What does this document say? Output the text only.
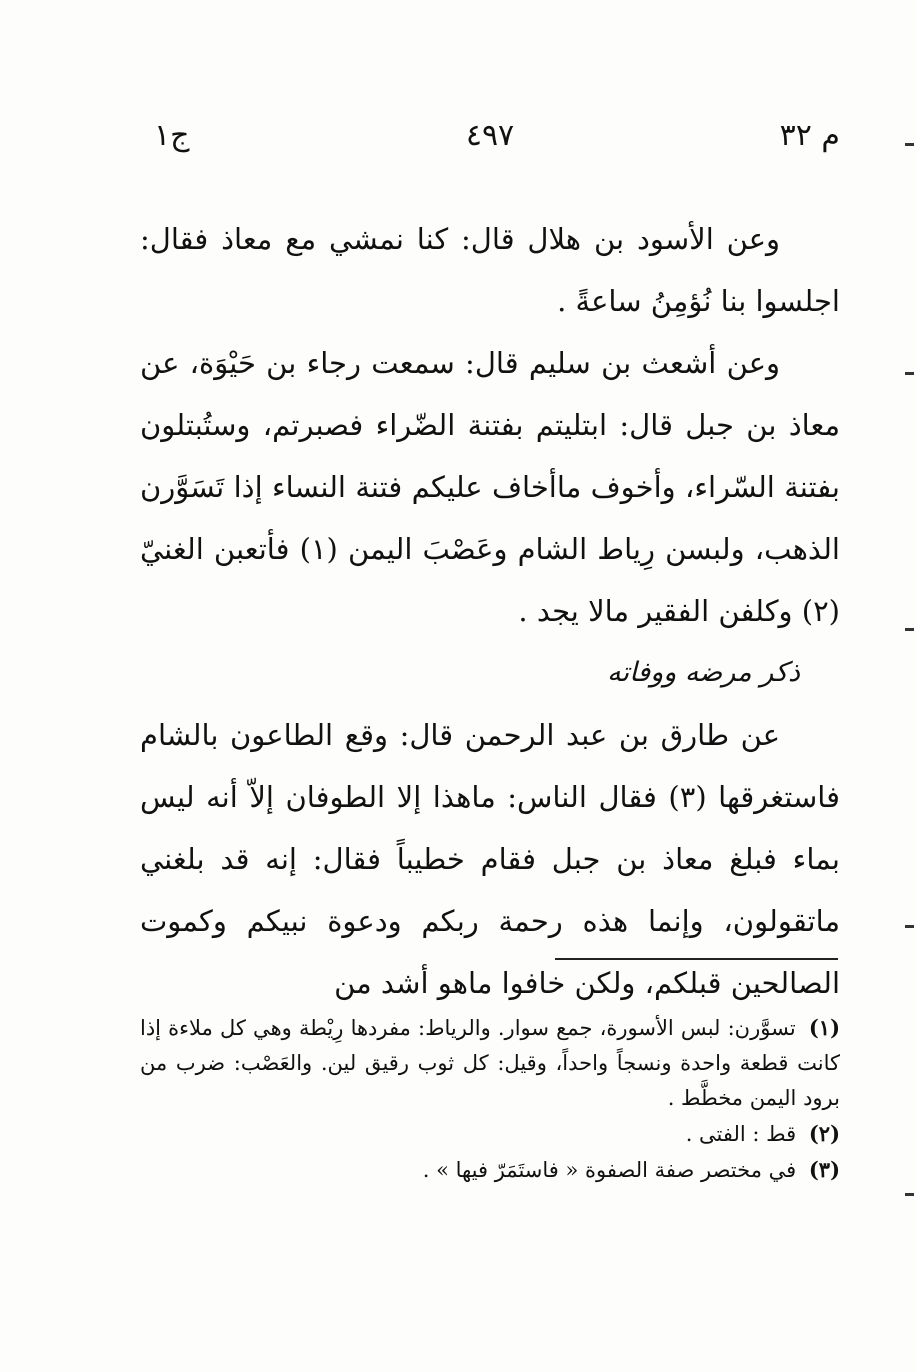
م ٣٢
٤٩٧
ج١

وعن الأسود بن هلال قال: كنا نمشي مع معاذ فقال: اجلسوا بنا نُؤمِنُ ساعةً .

وعن أشعث بن سليم قال: سمعت رجاء بن حَيْوَة، عن معاذ بن جبل قال: ابتليتم بفتنة الضّراء فصبرتم، وستُبتلون بفتنة السّراء، وأخوف ماأخاف عليكم فتنة النساء إذا تَسَوَّرن الذهب، ولبسن رِياط الشام وعَصْبَ اليمن (١) فأتعبن الغنيّ (٢) وكلفن الفقير مالا يجد .

ذكر مرضه ووفاته

عن طارق بن عبد الرحمن قال: وقع الطاعون بالشام فاستغرقها (٣) فقال الناس: ماهذا إلا الطوفان إلاّ أنه ليس بماء فبلغ معاذ بن جبل فقام خطيباً فقال: إنه قد بلغني ماتقولون، وإنما هذه رحمة ربكم ودعوة نبيكم وكموت الصالحين قبلكم، ولكن خافوا ماهو أشد من

(١) تسوَّرن: لبس الأسورة، جمع سوار. والرياط: مفردها رِيْطة وهي كل ملاءة إذا كانت قطعة واحدة ونسجاً واحداً، وقيل: كل ثوب رقيق لين. والعَصْب: ضرب من برود اليمن مخطَّط .

(٢) قط : الفتى .

(٣) في مختصر صفة الصفوة « فاستَمَرّ فيها » .
